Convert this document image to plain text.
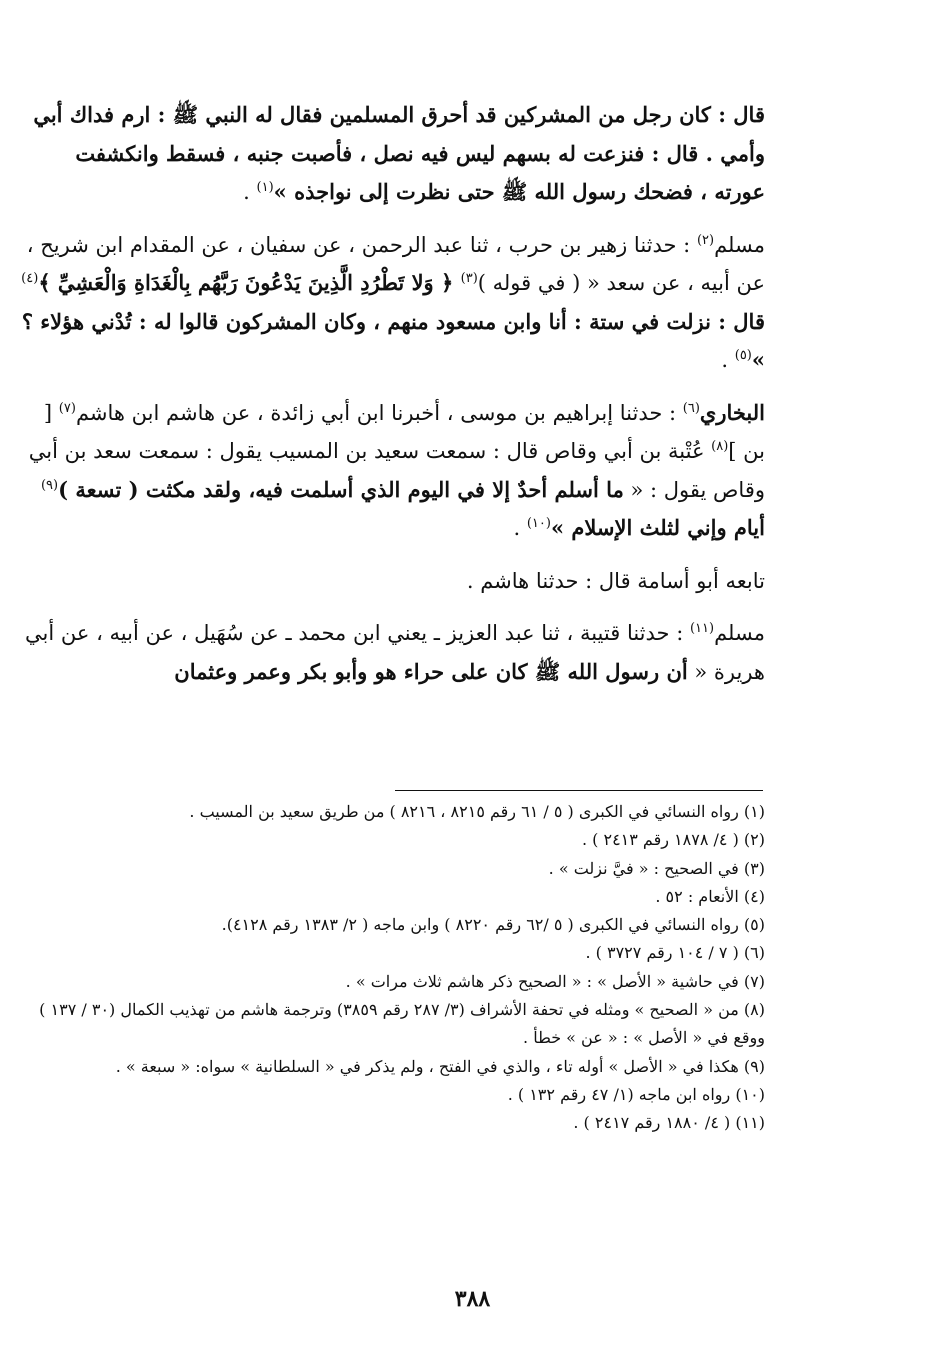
قال : كان رجل من المشركين قد أحرق المسلمين فقال له النبي ﷺ : ارم فداك أبي وأمي . قال : فنزعت له بسهم ليس فيه نصل ، فأصبت جنبه ، فسقط وانكشفت عورته ، فضحك رسول الله ﷺ حتى نظرت إلى نواجذه »$^{(١)}$ .

مسلم$^{(٢)}$ : حدثنا زهير بن حرب ، ثنا عبد الرحمن ، عن سفيان ، عن المقدام ابن شريح ، عن أبيه ، عن سعد « ( في قوله )$^{(٣)}$ ﴿ وَلا تَطْرُدِ الَّذِينَ يَدْعُونَ رَبَّهُم بِالْغَدَاةِ وَالْعَشِيِّ ﴾$^{(٤)}$ قال : نزلت في ستة : أنا وابن مسعود منهم ، وكان المشركون قالوا له : تُدْني هؤلاء ؟ »$^{(٥)}$ .

البخاري$^{(٦)}$ : حدثنا إبراهيم بن موسى ، أخبرنا ابن أبي زائدة ، عن هاشم ابن هاشم$^{(٧)}$ [ بن ]$^{(٨)}$ عُتْبة بن أبي وقاص قال : سمعت سعيد بن المسيب يقول : سمعت سعد بن أبي وقاص يقول : « ما أسلم أحدٌ إلا في اليوم الذي أسلمت فيه، ولقد مكثت ( تسعة )$^{(٩)}$ أيام وإني لثلث الإسلام »$^{(١٠)}$ .

تابعه أبو أسامة قال : حدثنا هاشم .

مسلم$^{(١١)}$ : حدثنا قتيبة ، ثنا عبد العزيز ـ يعني ابن محمد ـ عن سُهَيل ، عن أبيه ، عن أبي هريرة « أن رسول الله ﷺ كان على حراء هو وأبو بكر وعمر وعثمان

(١) رواه النسائي في الكبرى ( ٥ / ٦١ رقم ٨٢١٥ ، ٨٢١٦ ) من طريق سعيد بن المسيب .

(٢) ( ٤/ ١٨٧٨ رقم ٢٤١٣ ) .

(٣) في الصحيح : « فيَّ نزلت » .

(٤) الأنعام : ٥٢ .

(٥) رواه النسائي في الكبرى ( ٥ /٦٢ رقم ٨٢٢٠ ) وابن ماجه ( ٢/ ١٣٨٣ رقم ٤١٢٨).

(٦) ( ٧ / ١٠٤ رقم ٣٧٢٧ ) .

(٧) في حاشية « الأصل » : « الصحيح ذكر هاشم ثلاث مرات » .

(٨) من « الصحيح » ومثله في تحفة الأشراف (٣/ ٢٨٧ رقم ٣٨٥٩) وترجمة هاشم من تهذيب الكمال (٣٠ / ١٣٧ ) ووقع في « الأصل » : « عن » خطأ .

(٩) هكذا في « الأصل » أوله تاء ، والذي في الفتح ، ولم يذكر في « السلطانية » سواه: « سبعة » .

(١٠) رواه ابن ماجه (١/ ٤٧ رقم ١٣٢ ) .

(١١) ( ٤/ ١٨٨٠ رقم ٢٤١٧ ) .

٣٨٨
